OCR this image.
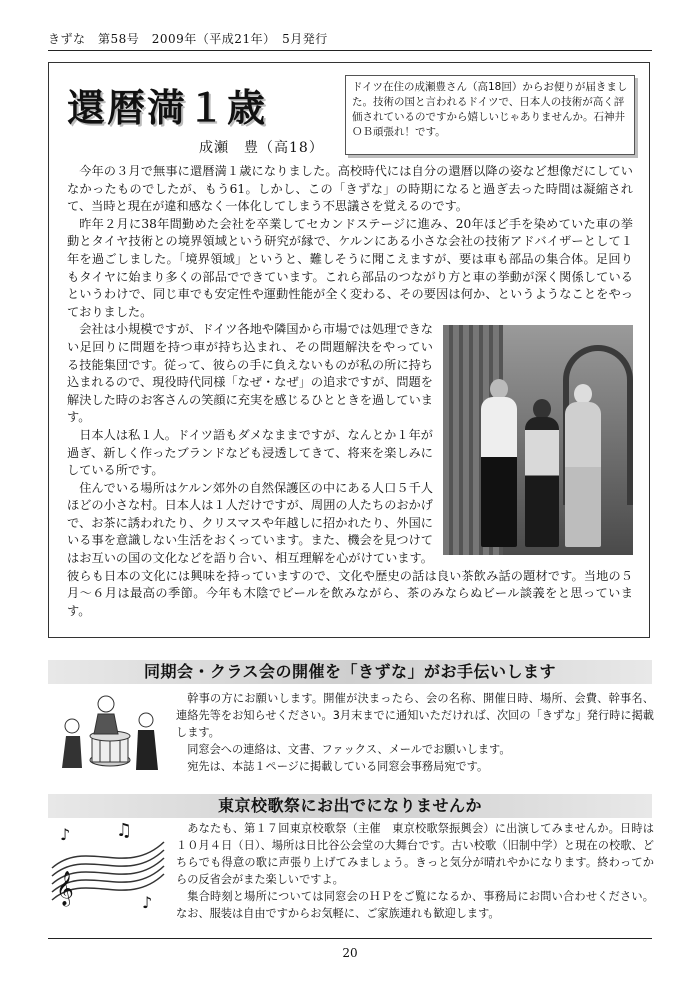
きずな　第58号　2009年（平成21年）　5月発行
還暦満１歳
成瀬　豊（高18）
ドイツ在住の成瀬豊さん（高18回）からお便りが届きました。技術の国と言われるドイツで、日本人の技術が高く評価されているのですから嬉しいじゃありませんか。石神井ＯＢ頑張れ！です。

今年の３月で無事に還暦満１歳になりました。高校時代には自分の還暦以降の姿など想像だにしていなかったものでしたが、もう61。しかし、この「きずな」の時期になると過ぎ去った時間は凝縮されて、当時と現在が違和感なく一体化してしまう不思議さを覚えるのです。

昨年２月に38年間勤めた会社を卒業してセカンドステージに進み、20年ほど手を染めていた車の挙動とタイヤ技術との境界領域という研究が縁で、ケルンにある小さな会社の技術アドバイザーとして１年を過ごしました。「境界領域」というと、難しそうに聞こえますが、要は車も部品の集合体。足回りもタイヤに始まり多くの部品でできています。これら部品のつながり方と車の挙動が深く関係しているというわけで、同じ車でも安定性や運動性能が全く変わる、その要因は何か、というようなことをやっておりました。

会社は小規模ですが、ドイツ各地や隣国から市場では処理できない足回りに問題を持つ車が持ち込まれ、その問題解決をやっている技能集団です。従って、彼らの手に負えないものが私の所に持ち込まれるので、現役時代同様「なぜ・なぜ」の追求ですが、問題を解決した時のお客さんの笑顔に充実を感じるひとときを過しています。

日本人は私１人。ドイツ語もダメなままですが、なんとか１年が過ぎ、新しく作ったブランドなども浸透してきて、将来を楽しみにしている所です。

住んでいる場所はケルン郊外の自然保護区の中にある人口５千人ほどの小さな村。日本人は１人だけですが、周囲の人たちのおかげで、お茶に誘われたり、クリスマスや年越しに招かれたり、外国にいる事を意識しない生活をおくっています。また、機会を見つけてはお互いの国の文化などを語り合い、相互理解を心がけています。彼らも日本の文化には興味を持っていますので、文化や歴史の話は良い茶飲み話の題材です。当地の５月～６月は最高の季節。今年も木陰でビールを飲みながら、茶のみならぬビール談義をと思っています。

同期会・クラス会の開催を「きずな」がお手伝いします

幹事の方にお願いします。開催が決まったら、会の名称、開催日時、場所、会費、幹事名、連絡先等をお知らせください。3月末までに通知いただければ、次回の「きずな」発行時に掲載します。

同窓会への連絡は、文書、ファックス、メールでお願いします。

宛先は、本誌１ページに掲載している同窓会事務局宛です。

東京校歌祭にお出でになりませんか
𝄞
♪	♫
♪

あなたも、第１７回東京校歌祭（主催　東京校歌祭振興会）に出演してみませんか。日時は１０月４日（日）、場所は日比谷公会堂の大舞台です。古い校歌（旧制中学）と現在の校歌、どちらでも得意の歌に声張り上げてみましょう。きっと気分が晴れやかになります。終わってからの反省会がまた楽しいですよ。

集合時刻と場所については同窓会のＨＰをご覧になるか、事務局にお問い合わせください。なお、服装は自由ですからお気軽に、ご家族連れも歓迎します。

20
